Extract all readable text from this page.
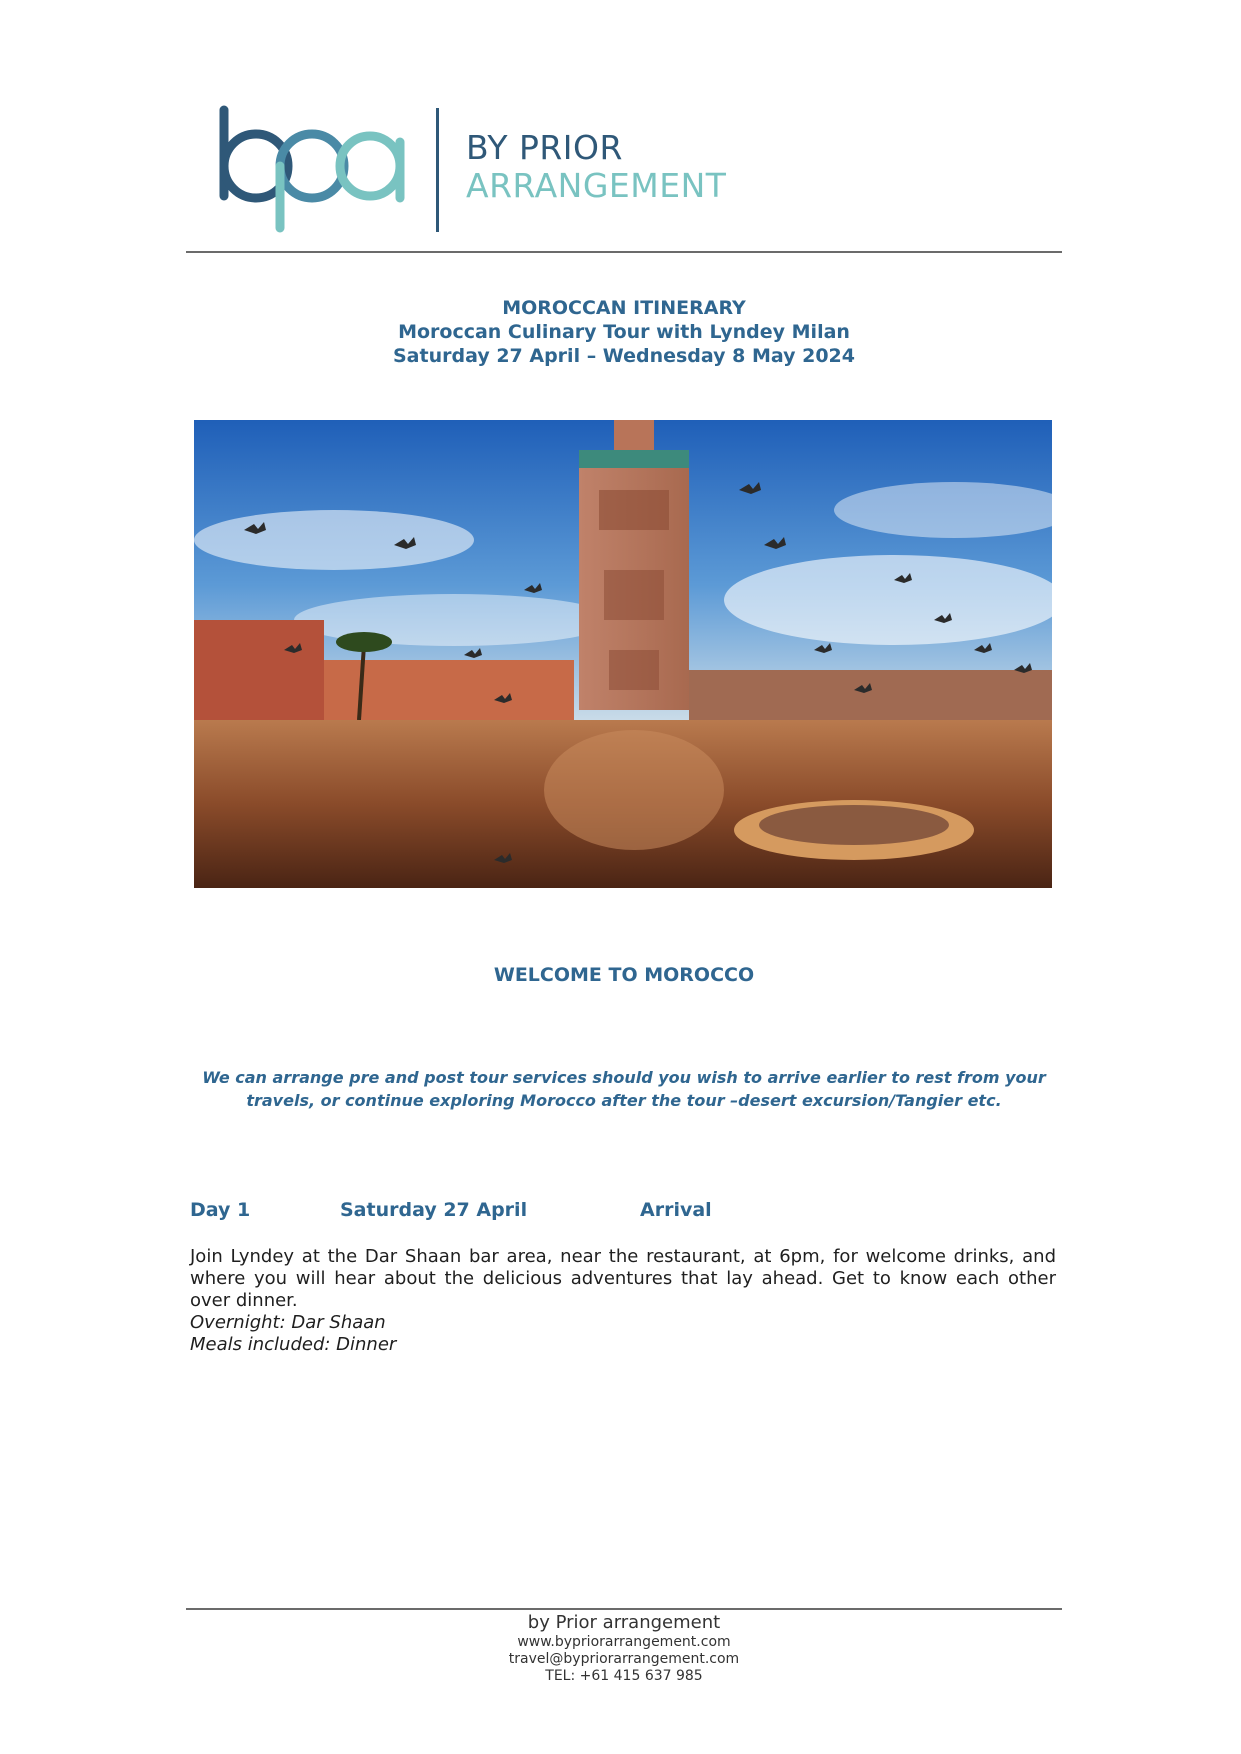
BY PRIOR
ARRANGEMENT
MOROCCAN ITINERARY
Moroccan Culinary Tour with Lyndey Milan
Saturday 27 April – Wednesday 8 May 2024
WELCOME TO MOROCCO
We can arrange pre and post tour services should you wish to arrive earlier to rest from your travels, or continue exploring Morocco after the tour –desert excursion/Tangier etc.
Day 1	Saturday 27 April	Arrival
Join Lyndey at the Dar Shaan bar area, near the restaurant, at 6pm, for welcome drinks, and where you will hear about the delicious adventures that lay ahead. Get to know each other over dinner.
Overnight: Dar Shaan
Meals included: Dinner
by Prior arrangement
www.bypriorarrangement.com
travel@bypriorarrangement.com
TEL: +61 415 637 985
